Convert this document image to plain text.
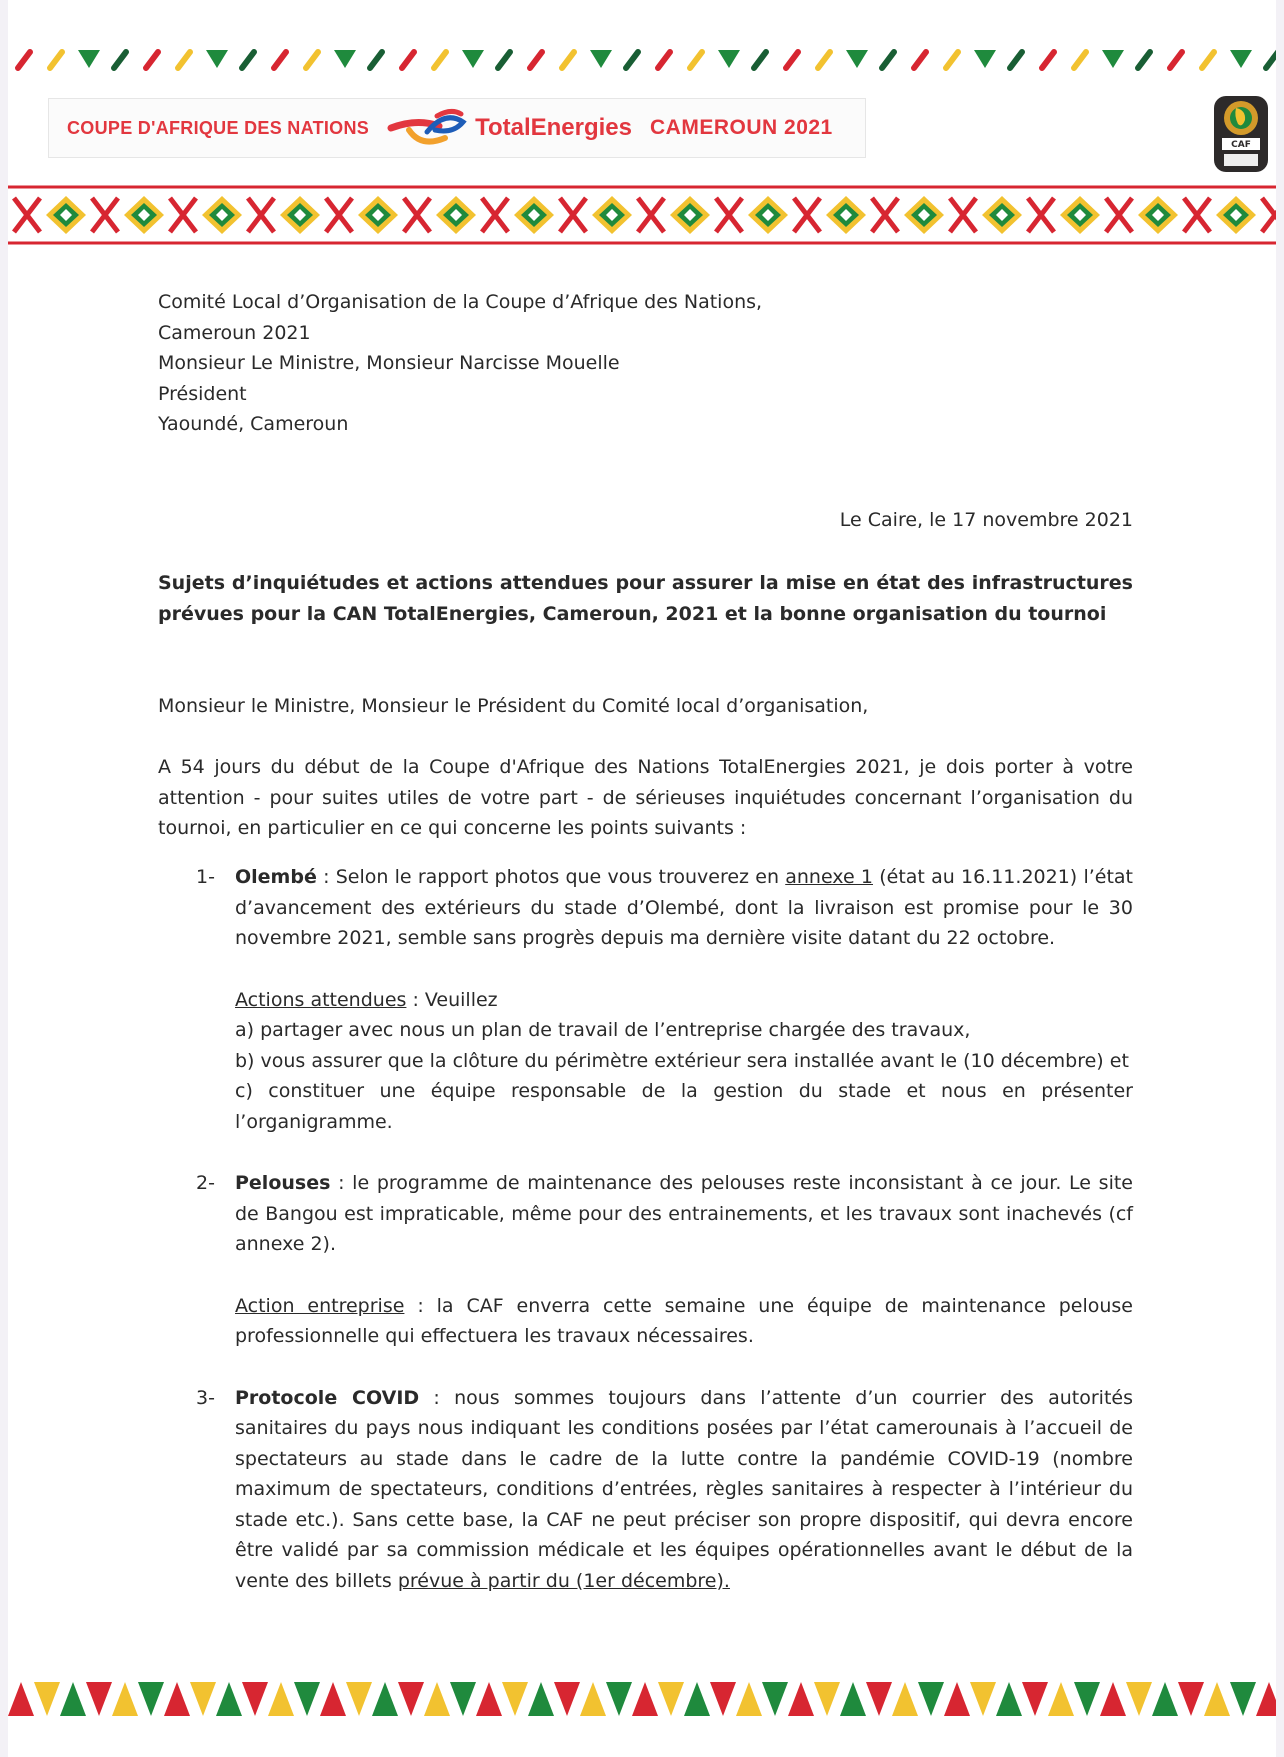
COUPE D'AFRIQUE DES NATIONS	TotalEnergies CAMEROUN 2021
CAF

Comité Local d’Organisation de la Coupe d’Afrique des Nations,

Cameroun 2021

Monsieur Le Ministre, Monsieur Narcisse Mouelle

Président

Yaoundé, Cameroun

Le Caire, le 17 novembre 2021
Sujets d’inquiétudes et actions attendues pour assurer la mise en état des infrastructures prévues pour la CAN TotalEnergies, Cameroun, 2021 et la bonne organisation du tournoi
Monsieur le Ministre, Monsieur le Président du Comité local d’organisation,
A 54 jours du début de la Coupe d'Afrique des Nations TotalEnergies 2021, je dois porter à votre attention - pour suites utiles de votre part - de sérieuses inquiétudes concernant l’organisation du tournoi, en particulier en ce qui concerne les points suivants :
1- Olembé : Selon le rapport photos que vous trouverez en annexe 1 (état au 16.11.2021) l’état d’avancement des extérieurs du stade d’Olembé, dont la livraison est promise pour le 30 novembre 2021, semble sans progrès depuis ma dernière visite datant du 22 octobre.

Actions attendues : Veuillez

a) partager avec nous un plan de travail de l’entreprise chargée des travaux,

b) vous assurer que la clôture du périmètre extérieur sera installée avant le (10 décembre) et

c) constituer une équipe responsable de la gestion du stade et nous en présenter l’organigramme.

2- Pelouses : le programme de maintenance des pelouses reste inconsistant à ce jour. Le site de Bangou est impraticable, même pour des entrainements, et les travaux sont inachevés (cf annexe 2).

Action entreprise : la CAF enverra cette semaine une équipe de maintenance pelouse professionnelle qui effectuera les travaux nécessaires.

3- Protocole COVID : nous sommes toujours dans l’attente d’un courrier des autorités sanitaires du pays nous indiquant les conditions posées par l’état camerounais à l’accueil de spectateurs au stade dans le cadre de la lutte contre la pandémie COVID-19 (nombre maximum de spectateurs, conditions d’entrées, règles sanitaires à respecter à l’intérieur du stade etc.). Sans cette base, la CAF ne peut préciser son propre dispositif, qui devra encore être validé par sa commission médicale et les équipes opérationnelles avant le début de la vente des billets prévue à partir du (1er décembre).
